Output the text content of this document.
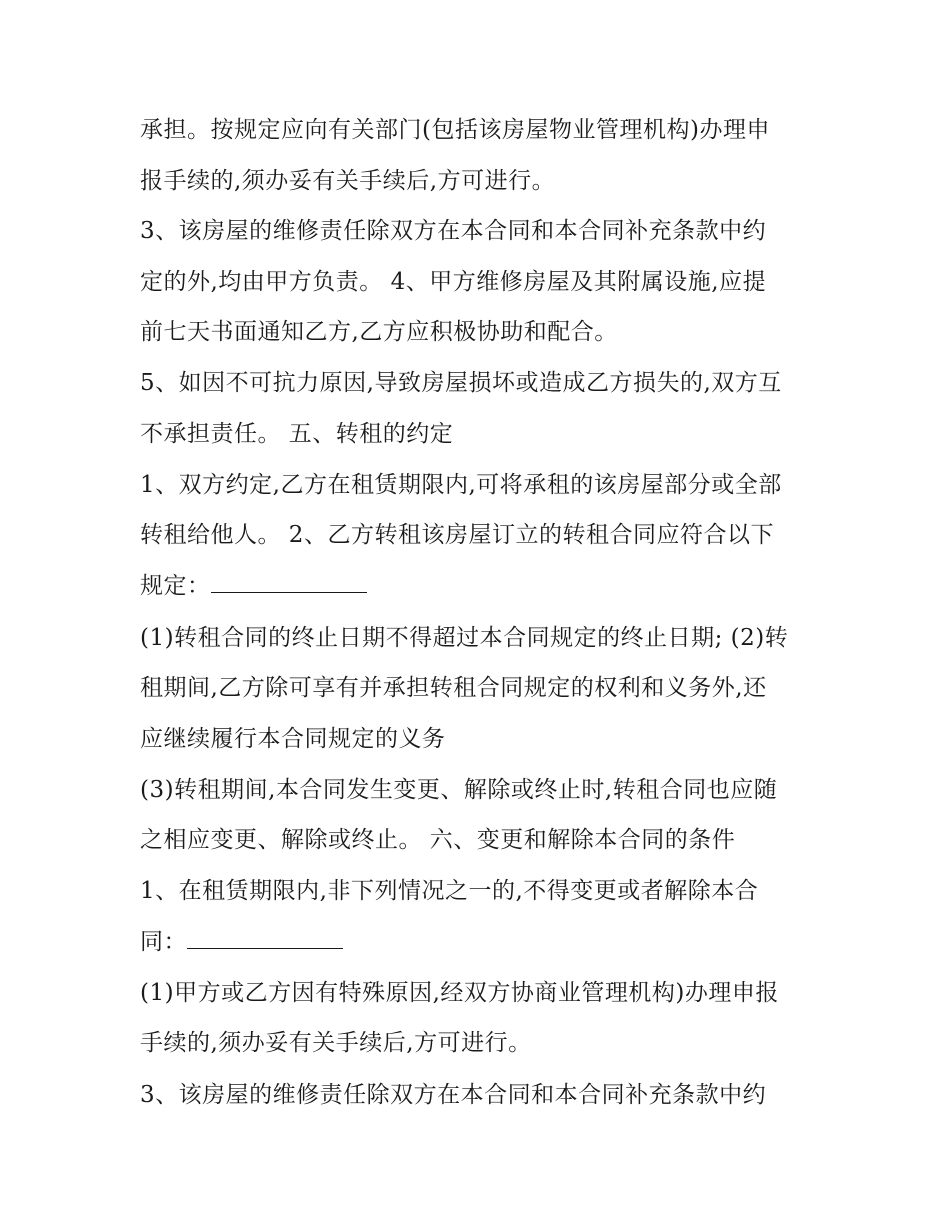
承担。按规定应向有关部门(包括该房屋物业管理机构)办理申
报手续的,须办妥有关手续后,方可进行。
3、该房屋的维修责任除双方在本合同和本合同补充条款中约
定的外,均由甲方负责。 4、甲方维修房屋及其附属设施,应提
前七天书面通知乙方,乙方应积极协助和配合。
5、如因不可抗力原因,导致房屋损坏或造成乙方损失的,双方互
不承担责任。 五、转租的约定
1、双方约定,乙方在租赁期限内,可将承租的该房屋部分或全部
转租给他人。 2、乙方转租该房屋订立的转租合同应符合以下
规定：
(1)转租合同的终止日期不得超过本合同规定的终止日期; (2)转
租期间,乙方除可享有并承担转租合同规定的权利和义务外,还
应继续履行本合同规定的义务
(3)转租期间,本合同发生变更、解除或终止时,转租合同也应随
之相应变更、解除或终止。 六、变更和解除本合同的条件
1、在租赁期限内,非下列情况之一的,不得变更或者解除本合
同：
(1)甲方或乙方因有特殊原因,经双方协商业管理机构)办理申报
手续的,须办妥有关手续后,方可进行。
3、该房屋的维修责任除双方在本合同和本合同补充条款中约
